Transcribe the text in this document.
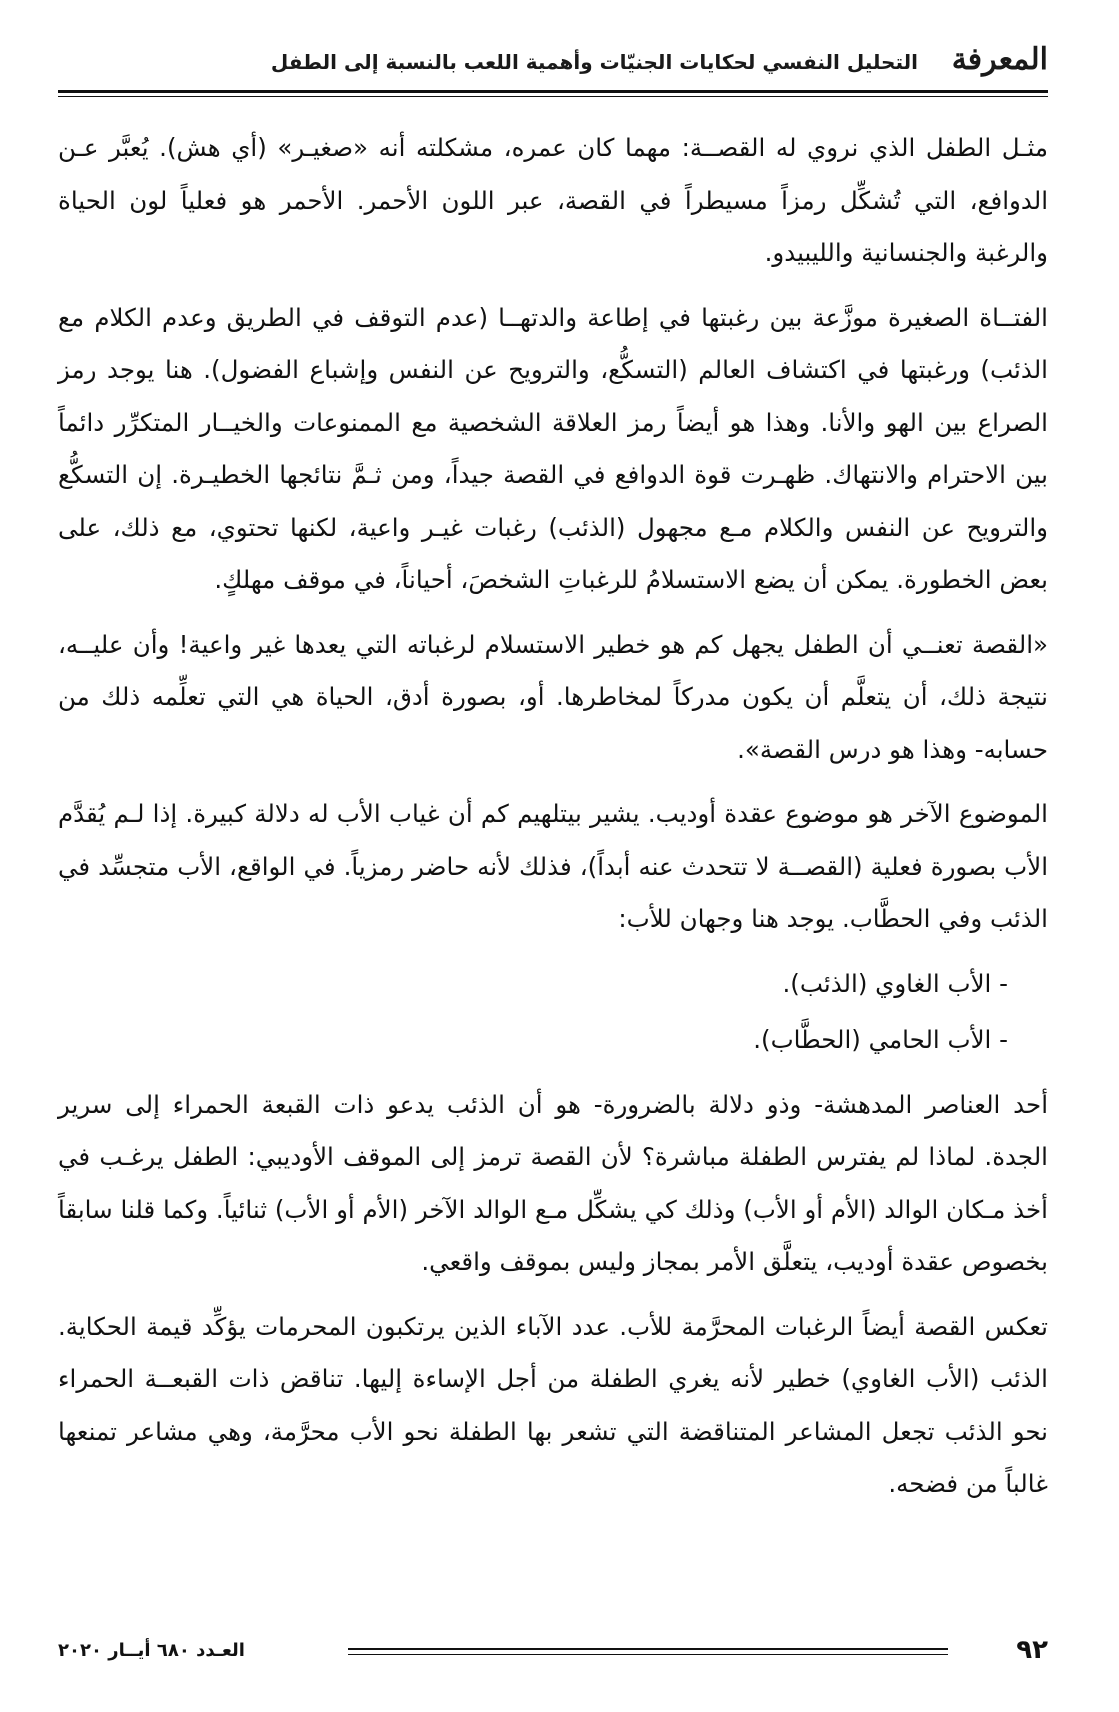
المعرفة
التحليل النفسي لحكايات الجنيّات وأهمية اللعب بالنسبة إلى الطفل

مثـل الطفل الذي نروي له القصــة: مهما كان عمره، مشكلته أنه «صغيـر» (أي هش). يُعبَّر عـن الدوافع، التي تُشكِّل رمزاً مسيطراً في القصة، عبر اللون الأحمر. الأحمر هو فعلياً لون الحياة والرغبة والجنسانية والليبيدو.

الفتــاة الصغيرة موزَّعة بين رغبتها في إطاعة والدتهــا (عدم التوقف في الطريق وعدم الكلام مع الذئب) ورغبتها في اكتشاف العالم (التسكُّع، والترويح عن النفس وإشباع الفضول). هنا يوجد رمز الصراع بين الهو والأنا. وهذا هو أيضاً رمز العلاقة الشخصية مع الممنوعات والخيــار المتكرِّر دائماً بين الاحترام والانتهاك. ظهـرت قوة الدوافع في القصة جيداً، ومن ثـمَّ نتائجها الخطيـرة. إن التسكُّع والترويح عن النفس والكلام مـع مجهول (الذئب) رغبات غيـر واعية، لكنها تحتوي، مع ذلك، على بعض الخطورة. يمكن أن يضع الاستسلامُ للرغباتِ الشخصَ، أحياناً، في موقف مهلكٍ.

«القصة تعنــي أن الطفل يجهل كم هو خطير الاستسلام لرغباته التي يعدها غير واعية! وأن عليــه، نتيجة ذلك، أن يتعلَّم أن يكون مدركاً لمخاطرها. أو، بصورة أدق، الحياة هي التي تعلِّمه ذلك من حسابه- وهذا هو درس القصة».

الموضوع الآخر هو موضوع عقدة أوديب. يشير بيتلهيم كم أن غياب الأب له دلالة كبيرة. إذا لـم يُقدَّم الأب بصورة فعلية (القصــة لا تتحدث عنه أبداً)، فذلك لأنه حاضر رمزياً. في الواقع، الأب متجسِّد في الذئب وفي الحطَّاب. يوجد هنا وجهان للأب:

- الأب الغاوي (الذئب).

- الأب الحامي (الحطَّاب).

أحد العناصر المدهشة- وذو دلالة بالضرورة- هو أن الذئب يدعو ذات القبعة الحمراء إلى سرير الجدة. لماذا لم يفترس الطفلة مباشرة؟ لأن القصة ترمز إلى الموقف الأوديبي: الطفل يرغـب في أخذ مـكان الوالد (الأم أو الأب) وذلك كي يشكِّل مـع الوالد الآخر (الأم أو الأب) ثنائياً. وكما قلنا سابقاً بخصوص عقدة أوديب، يتعلَّق الأمر بمجاز وليس بموقف واقعي.

تعكس القصة أيضاً الرغبات المحرَّمة للأب. عدد الآباء الذين يرتكبون المحرمات يؤكِّد قيمة الحكاية. الذئب (الأب الغاوي) خطير لأنه يغري الطفلة من أجل الإساءة إليها. تناقض ذات القبعــة الحمراء نحو الذئب تجعل المشاعر المتناقضة التي تشعر بها الطفلة نحو الأب محرَّمة، وهي مشاعر تمنعها غالباً من فضحه.

٩٢
العـدد ٦٨٠ أيــار ٢٠٢٠
